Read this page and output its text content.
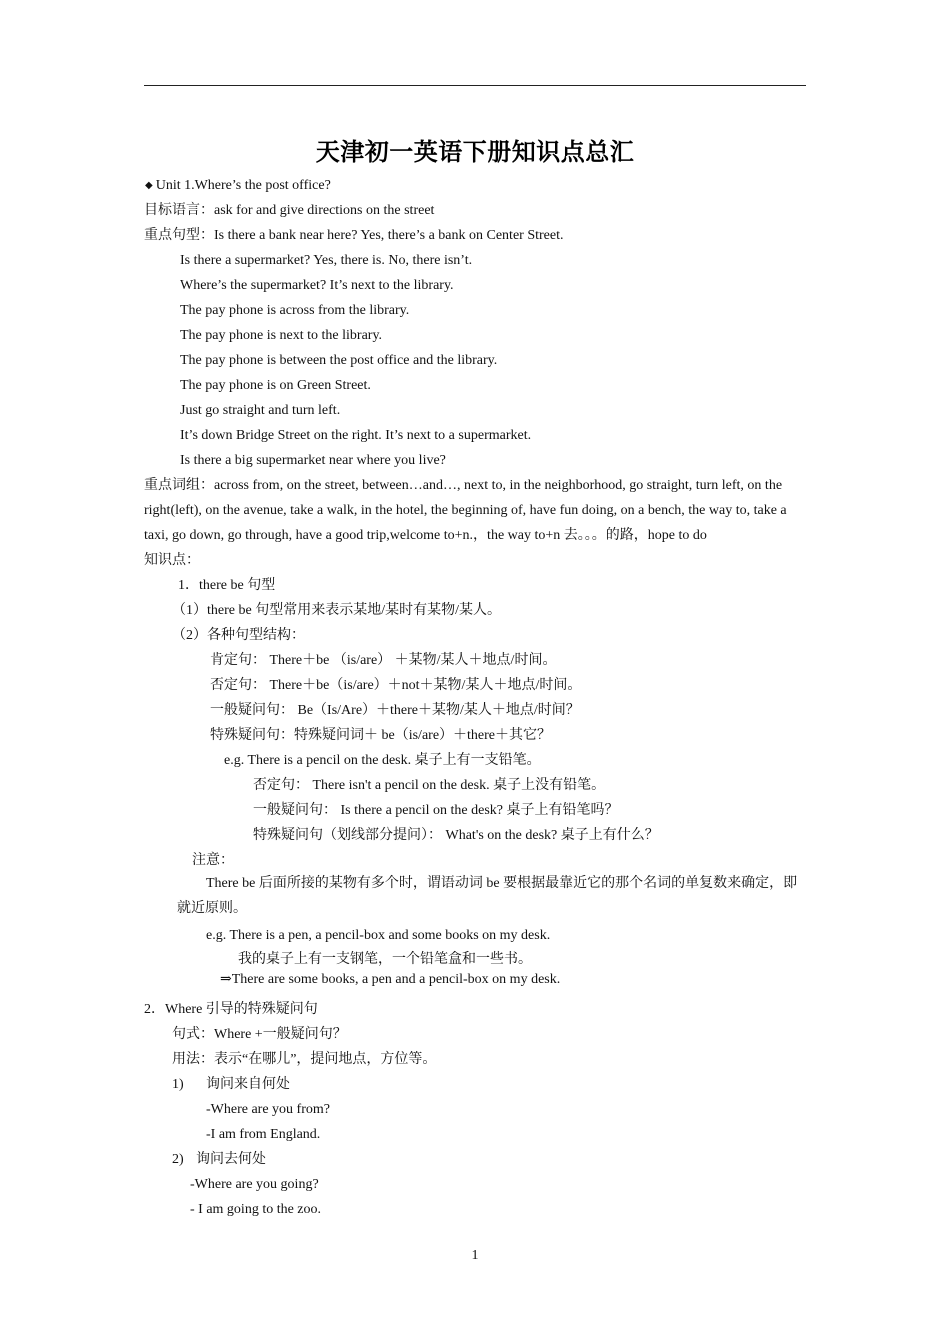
天津初一英语下册知识点总汇
◆ Unit 1.Where’s the post office?
目标语言：ask for and give directions on the street
重点句型：Is there a bank near here? Yes, there’s a bank on Center Street.
Is there a supermarket? Yes, there is. No, there isn’t.
Where’s the supermarket? It’s next to the library.
The pay phone is across from the library.
The pay phone is next to the library.
The pay phone is between the post office and the library.
The pay phone is on Green Street.
Just go straight and turn left.
It’s down Bridge Street on the right. It’s next to a supermarket.
Is there a big supermarket near where you live?
重点词组：across from, on the street, between…and…, next to, in the neighborhood, go straight, turn left, on the right(left), on the avenue, take a walk, in the hotel, the beginning of, have fun doing, on a bench, the way to, take a taxi, go down, go through, have a good trip,welcome to+n.，the way to+n 去。。。的路，hope to do
知识点：
1．there be 句型
（1）there be 句型常用来表示某地/某时有某物/某人。
（2）各种句型结构：
肯定句： There＋be （is/are） ＋某物/某人＋地点/时间。
否定句： There＋be（is/are）＋not＋某物/某人＋地点/时间。
一般疑问句： Be（Is/Are）＋there＋某物/某人＋地点/时间？
特殊疑问句：特殊疑问词＋ be（is/are）＋there＋其它？
e.g. There is a pencil on the desk. 桌子上有一支铅笔。
否定句： There isn't a pencil on the desk. 桌子上没有铅笔。
一般疑问句： Is there a pencil on the desk? 桌子上有铅笔吗？
特殊疑问句（划线部分提问）： What's on the desk? 桌子上有什么？
注意：
There be 后面所接的某物有多个时，谓语动词 be 要根据最靠近它的那个名词的单复数来确定，即就近原则。
e.g. There is a pen, a pencil-box and some books on my desk.
我的桌子上有一支钢笔，一个铅笔盒和一些书。
⇒There are some books, a pen and a pencil-box on my desk.
2．Where 引导的特殊疑问句
句式：Where +一般疑问句？
用法：表示“在哪儿”，提问地点，方位等。
1) 询问来自何处
-Where are you from?
-I am from England.
2) 询问去何处
-Where are you going?
- I am going to the zoo.
1
